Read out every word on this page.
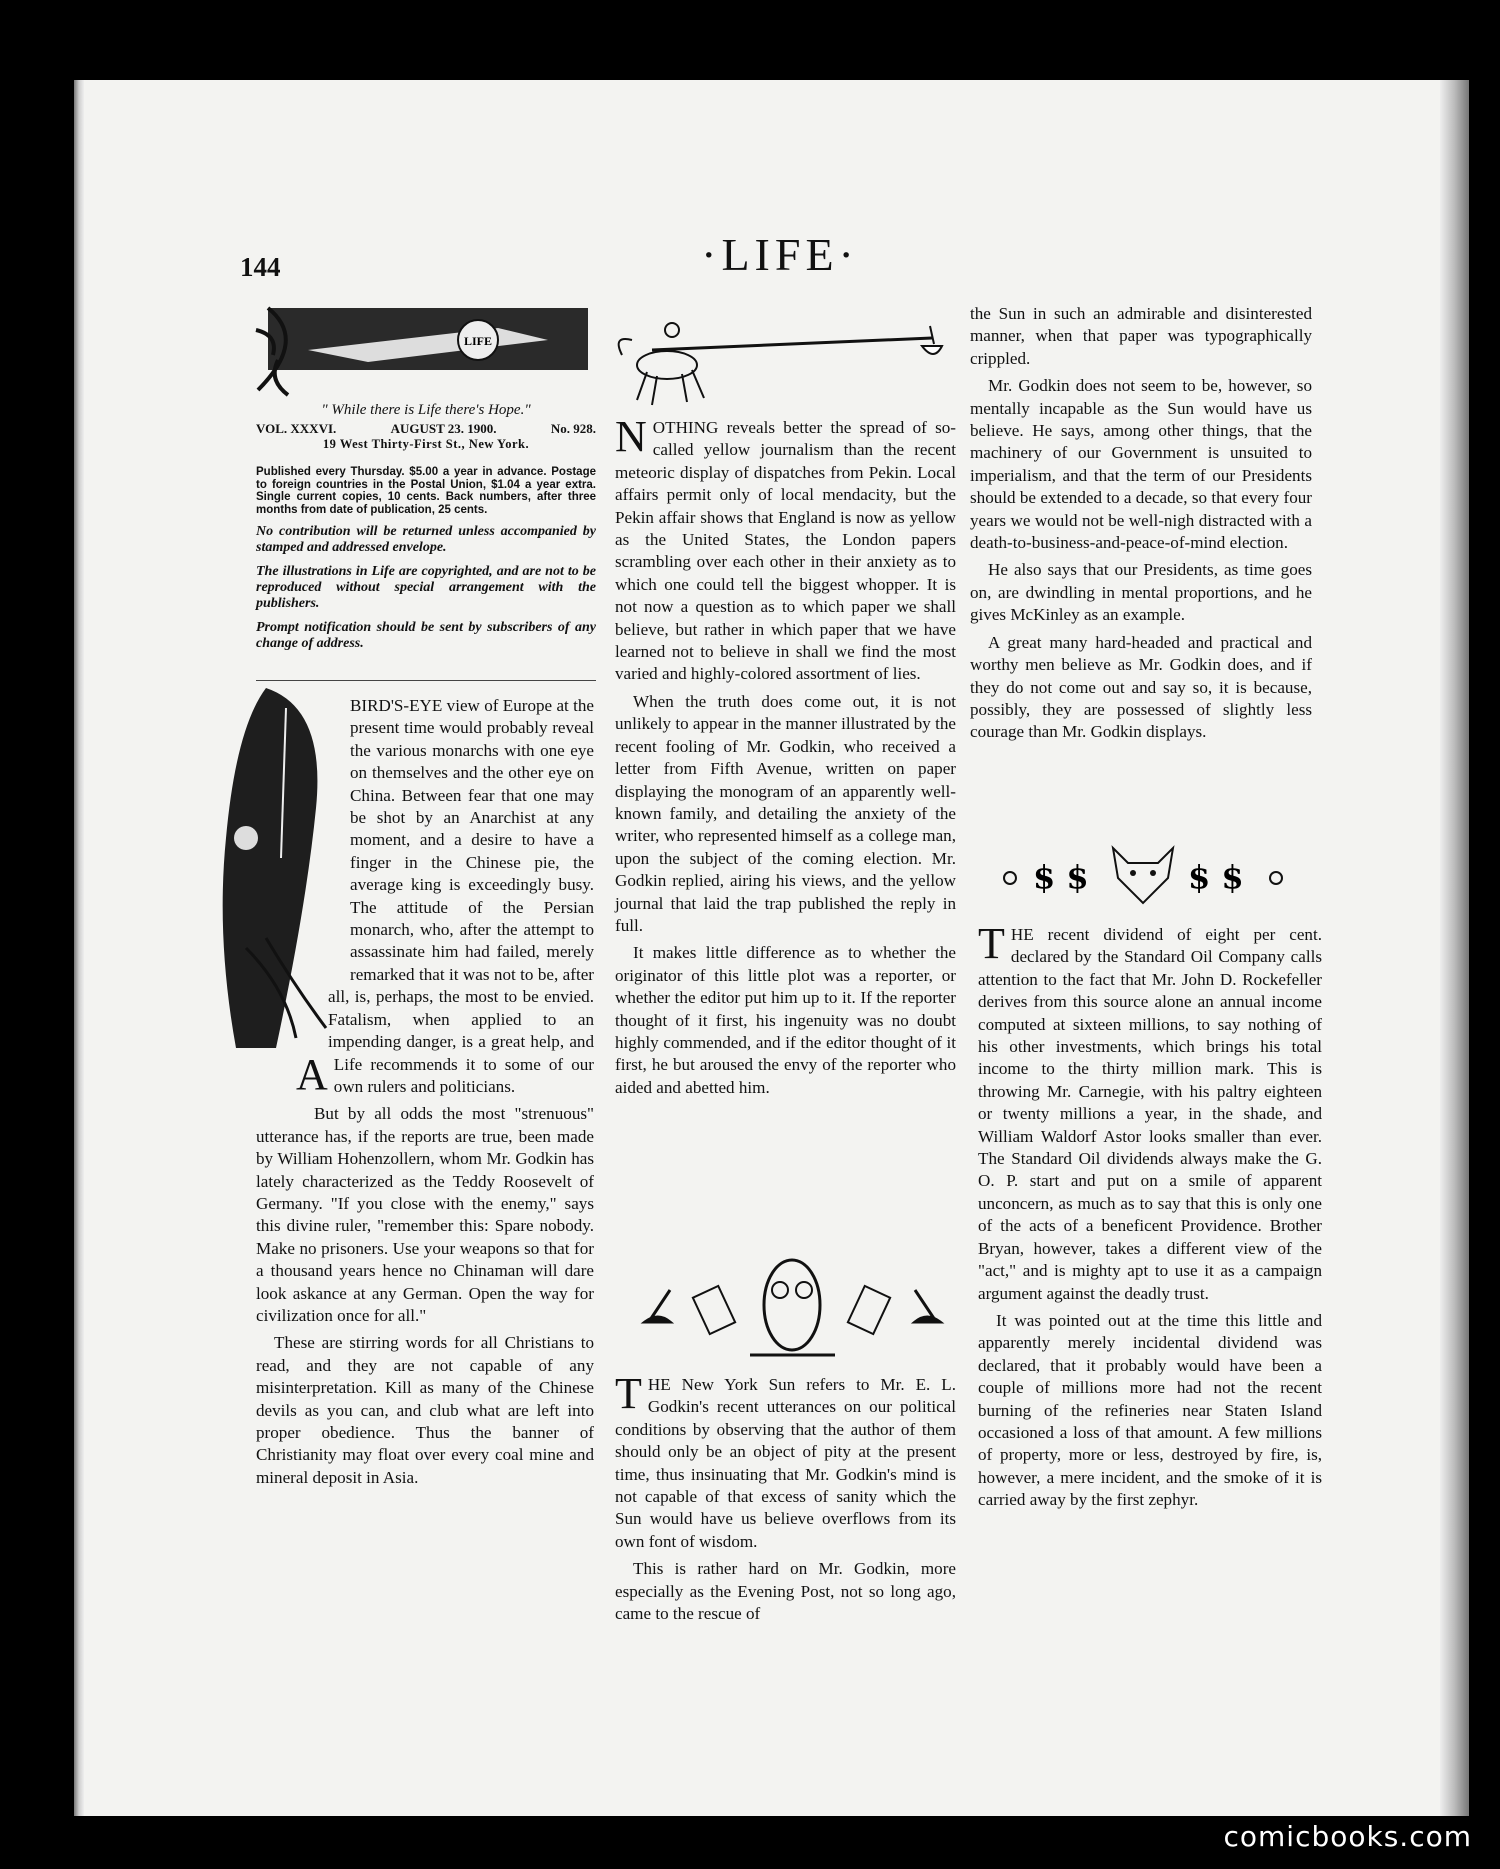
144	·LIFE·
LIFE
" While there is Life there's Hope."
VOL. XXXVI.	AUGUST 23. 1900.	No. 928.
19 West Thirty-First St., New York.
Published every Thursday. $5.00 a year in advance. Postage to foreign countries in the Postal Union, $1.04 a year extra. Single current copies, 10 cents. Back numbers, after three months from date of publication, 25 cents.
No contribution will be returned unless accompanied by stamped and addressed envelope.
The illustrations in Life are copyrighted, and are not to be reproduced without special arrangement with the publishers.
Prompt notification should be sent by subscribers of any change of address.
$ $	$ $

A
BIRD'S-EYE view of Europe at the present time would probably reveal the various monarchs with one eye on themselves and the other eye on China. Between fear that one may be shot by an Anarchist at any moment, and a desire to have a finger in the Chinese pie, the average king is exceedingly busy. The attitude of the Persian monarch, who, after the attempt to assassinate him had failed, merely remarked that it was not to be, after all, is, perhaps, the most to be envied. Fatalism, when applied to an impending danger, is a great help, and Life recommends it to some of our own rulers and politicians.

But by all odds the most "strenuous" utterance has, if the reports are true, been made by William Hohenzollern, whom Mr. Godkin has lately characterized as the Teddy Roosevelt of Germany. "If you close with the enemy," says this divine ruler, "remember this: Spare nobody. Make no prisoners. Use your weapons so that for a thousand years hence no Chinaman will dare look askance at any German. Open the way for civilization once for all."

These are stirring words for all Christians to read, and they are not capable of any misinterpretation. Kill as many of the Chinese devils as you can, and club what are left into proper obedience. Thus the banner of Christianity may float over every coal mine and mineral deposit in Asia.

NOTHING reveals better the spread of so-called yellow journalism than the recent meteoric display of dispatches from Pekin. Local affairs permit only of local mendacity, but the Pekin affair shows that England is now as yellow as the United States, the London papers scrambling over each other in their anxiety as to which one could tell the biggest whopper. It is not now a question as to which paper we shall believe, but rather in which paper that we have learned not to believe in shall we find the most varied and highly-colored assortment of lies.

When the truth does come out, it is not unlikely to appear in the manner illustrated by the recent fooling of Mr. Godkin, who received a letter from Fifth Avenue, written on paper displaying the monogram of an apparently well-known family, and detailing the anxiety of the writer, who represented himself as a college man, upon the subject of the coming election. Mr. Godkin replied, airing his views, and the yellow journal that laid the trap published the reply in full.

It makes little difference as to whether the originator of this little plot was a reporter, or whether the editor put him up to it. If the reporter thought of it first, his ingenuity was no doubt highly commended, and if the editor thought of it first, he but aroused the envy of the reporter who aided and abetted him.

THE New York Sun refers to Mr. E. L. Godkin's recent utterances on our political conditions by observing that the author of them should only be an object of pity at the present time, thus insinuating that Mr. Godkin's mind is not capable of that excess of sanity which the Sun would have us believe overflows from its own font of wisdom.

This is rather hard on Mr. Godkin, more especially as the Evening Post, not so long ago, came to the rescue of

the Sun in such an admirable and disinterested manner, when that paper was typographically crippled.

Mr. Godkin does not seem to be, however, so mentally incapable as the Sun would have us believe. He says, among other things, that the machinery of our Government is unsuited to imperialism, and that the term of our Presidents should be extended to a decade, so that every four years we would not be well-nigh distracted with a death-to-business-and-peace-of-mind election.

He also says that our Presidents, as time goes on, are dwindling in mental proportions, and he gives McKinley as an example.

A great many hard-headed and practical and worthy men believe as Mr. Godkin does, and if they do not come out and say so, it is because, possibly, they are possessed of slightly less courage than Mr. Godkin displays.

THE recent dividend of eight per cent. declared by the Standard Oil Company calls attention to the fact that Mr. John D. Rockefeller derives from this source alone an annual income computed at sixteen millions, to say nothing of his other investments, which brings his total income to the thirty million mark. This is throwing Mr. Carnegie, with his paltry eighteen or twenty millions a year, in the shade, and William Waldorf Astor looks smaller than ever. The Standard Oil dividends always make the G. O. P. start and put on a smile of apparent unconcern, as much as to say that this is only one of the acts of a beneficent Providence. Brother Bryan, however, takes a different view of the "act," and is mighty apt to use it as a campaign argument against the deadly trust.

It was pointed out at the time this little and apparently merely incidental dividend was declared, that it probably would have been a couple of millions more had not the recent burning of the refineries near Staten Island occasioned a loss of that amount. A few millions of property, more or less, destroyed by fire, is, however, a mere incident, and the smoke of it is carried away by the first zephyr.

comicbooks.com
